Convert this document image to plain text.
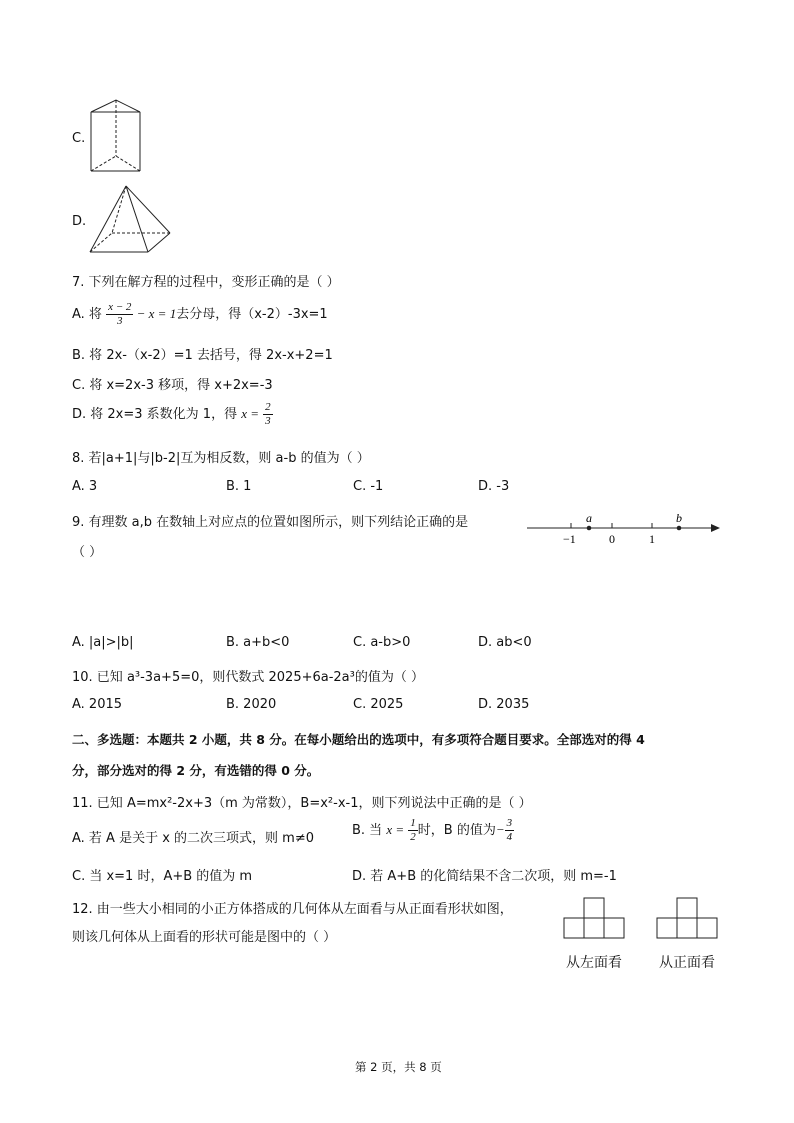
C.
D.
7. 下列在解方程的过程中，变形正确的是（ ）
A. 将 $\frac{x - 2}{3} - x = 1$去分母，得（x-2）-3x=1
B. 将 2x-（x-2）=1 去括号，得 2x-x+2=1
C. 将 x=2x-3 移项，得 x+2x=-3
D. 将 2x=3 系数化为 1，得 $x = \frac{2}{3}$
8. 若|a+1|与|b-2|互为相反数，则 a-b 的值为（ ）
A. 3	B. 1	C. -1	D. -3
9. 有理数 a,b 在数轴上对应点的位置如图所示，则下列结论正确的是
（ ）
−1	0	1
a	b
A. |a|>|b|	B. a+b<0	C. a-b>0	D. ab<0
10. 已知 a³-3a+5=0，则代数式 2025+6a-2a³的值为（ ）
A. 2015	B. 2020	C. 2025	D. 2035
二、多选题：本题共 2 小题，共 8 分。在每小题给出的选项中，有多项符合题目要求。全部选对的得 4
分，部分选对的得 2 分，有选错的得 0 分。
11. 已知 A=mx²-2x+3（m 为常数），B=x²-x-1，则下列说法中正确的是（ ）
A. 若 A 是关于 x 的二次三项式，则 m≠0
B. 当 $x = \frac{1}{2}$ 时，B 的值为− $\frac{3}{4}$
C. 当 x=1 时，A+B 的值为 m	D. 若 A+B 的化简结果不含二次项，则 m=-1
12. 由一些大小相同的小正方体搭成的几何体从左面看与从正面看形状如图，
则该几何体从上面看的形状可能是图中的（ ）
从左面看	从正面看
第 2 页，共 8 页
